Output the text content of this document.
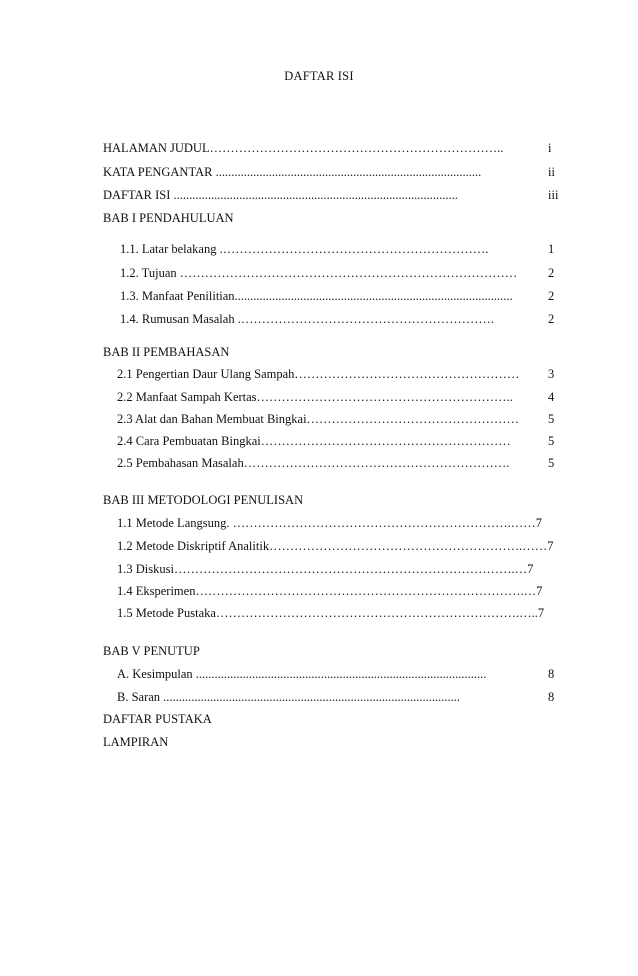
DAFTAR ISI
HALAMAN JUDUL……………………………………………………………..	i
KATA PENGANTAR .....................................................................................	ii
DAFTAR ISI ...........................................................................................	iii
BAB I PENDAHULUAN
1.1. Latar belakang .……………………………………………………….	1
1.2. Tujuan ………………………………………………………………………	2
1.3. Manfaat Penilitian.........................................................................................	2
1.4. Rumusan Masalah .…………………………………………………….	2
BAB II PEMBAHASAN
2.1 Pengertian Daur Ulang Sampah………………………………………………	3
2.2 Manfaat Sampah Kertas……………………………………………………..	4
2.3 Alat dan Bahan Membuat Bingkai……………………………………………	5
2.4 Cara Pembuatan Bingkai……………………………………………………	5
2.5 Pembahasan Masalah……………………………………………………….	5
BAB III METODOLOGI PENULISAN
1.1 Metode Langsung. ………………………………………………………….……7
1.2 Metode Diskriptif Analitik…………………………………………………….……7
1.3 Diskusi……………………………………………………………………….…7
1.4 Eksperimen…………………………………………………………………….…7
1.5 Metode Pustaka……………………………………………………………….…..7
BAB V PENUTUP
A. Kesimpulan .............................................................................................	8
B. Saran ...............................................................................................	8
DAFTAR PUSTAKA
LAMPIRAN
